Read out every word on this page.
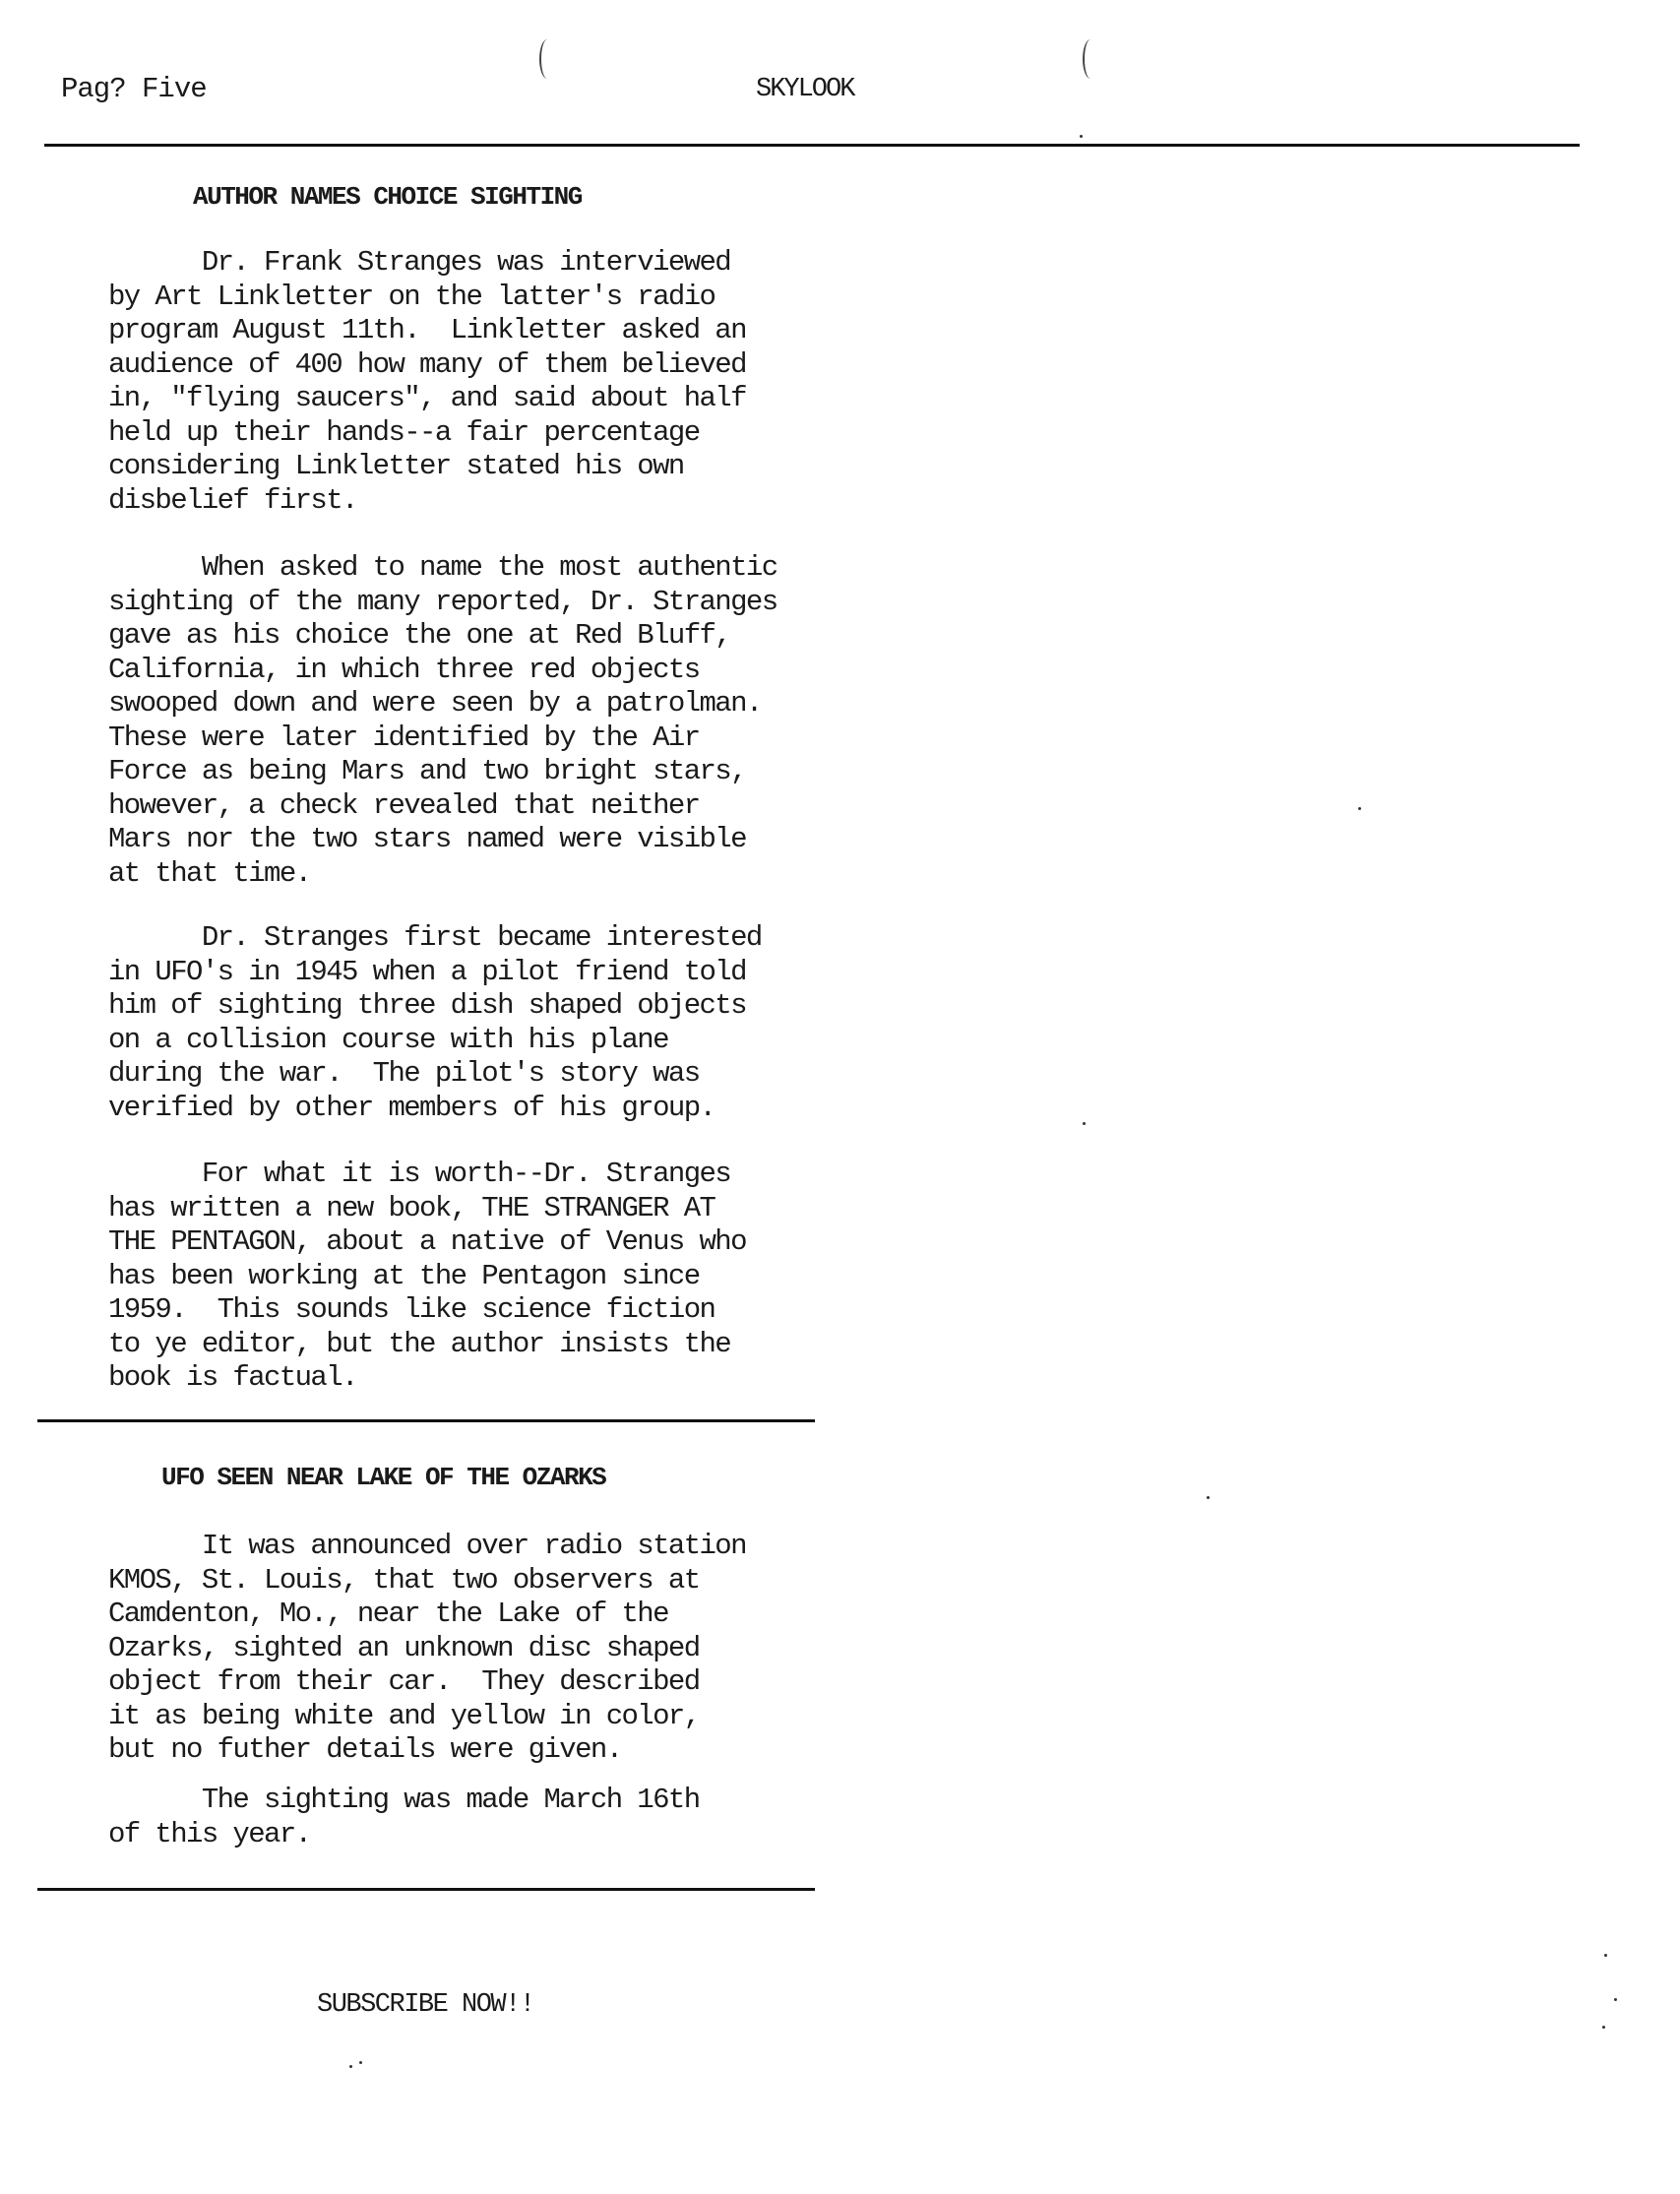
Pag? Five	SKYLOOK
AUTHOR NAMES CHOICE SIGHTING

Dr. Frank Stranges was interviewed
by Art Linkletter on the latter's radio
program August 11th.  Linkletter asked an
audience of 400 how many of them believed
in, "flying saucers", and said about half
held up their hands--a fair percentage
considering Linkletter stated his own
disbelief first.

When asked to name the most authentic
sighting of the many reported, Dr. Stranges
gave as his choice the one at Red Bluff,
California, in which three red objects
swooped down and were seen by a patrolman.
These were later identified by the Air
Force as being Mars and two bright stars,
however, a check revealed that neither
Mars nor the two stars named were visible
at that time.

Dr. Stranges first became interested
in UFO's in 1945 when a pilot friend told
him of sighting three dish shaped objects
on a collision course with his plane
during the war.  The pilot's story was
verified by other members of his group.

For what it is worth--Dr. Stranges
has written a new book, THE STRANGER AT
THE PENTAGON, about a native of Venus who
has been working at the Pentagon since
1959.  This sounds like science fiction
to ye editor, but the author insists the
book is factual.

UFO SEEN NEAR LAKE OF THE OZARKS

It was announced over radio station
KMOS, St. Louis, that two observers at
Camdenton, Mo., near the Lake of the
Ozarks, sighted an unknown disc shaped
object from their car.  They described
it as being white and yellow in color,
but no futher details were given.

The sighting was made March 16th
of this year.

SUBSCRIBE NOW!!
